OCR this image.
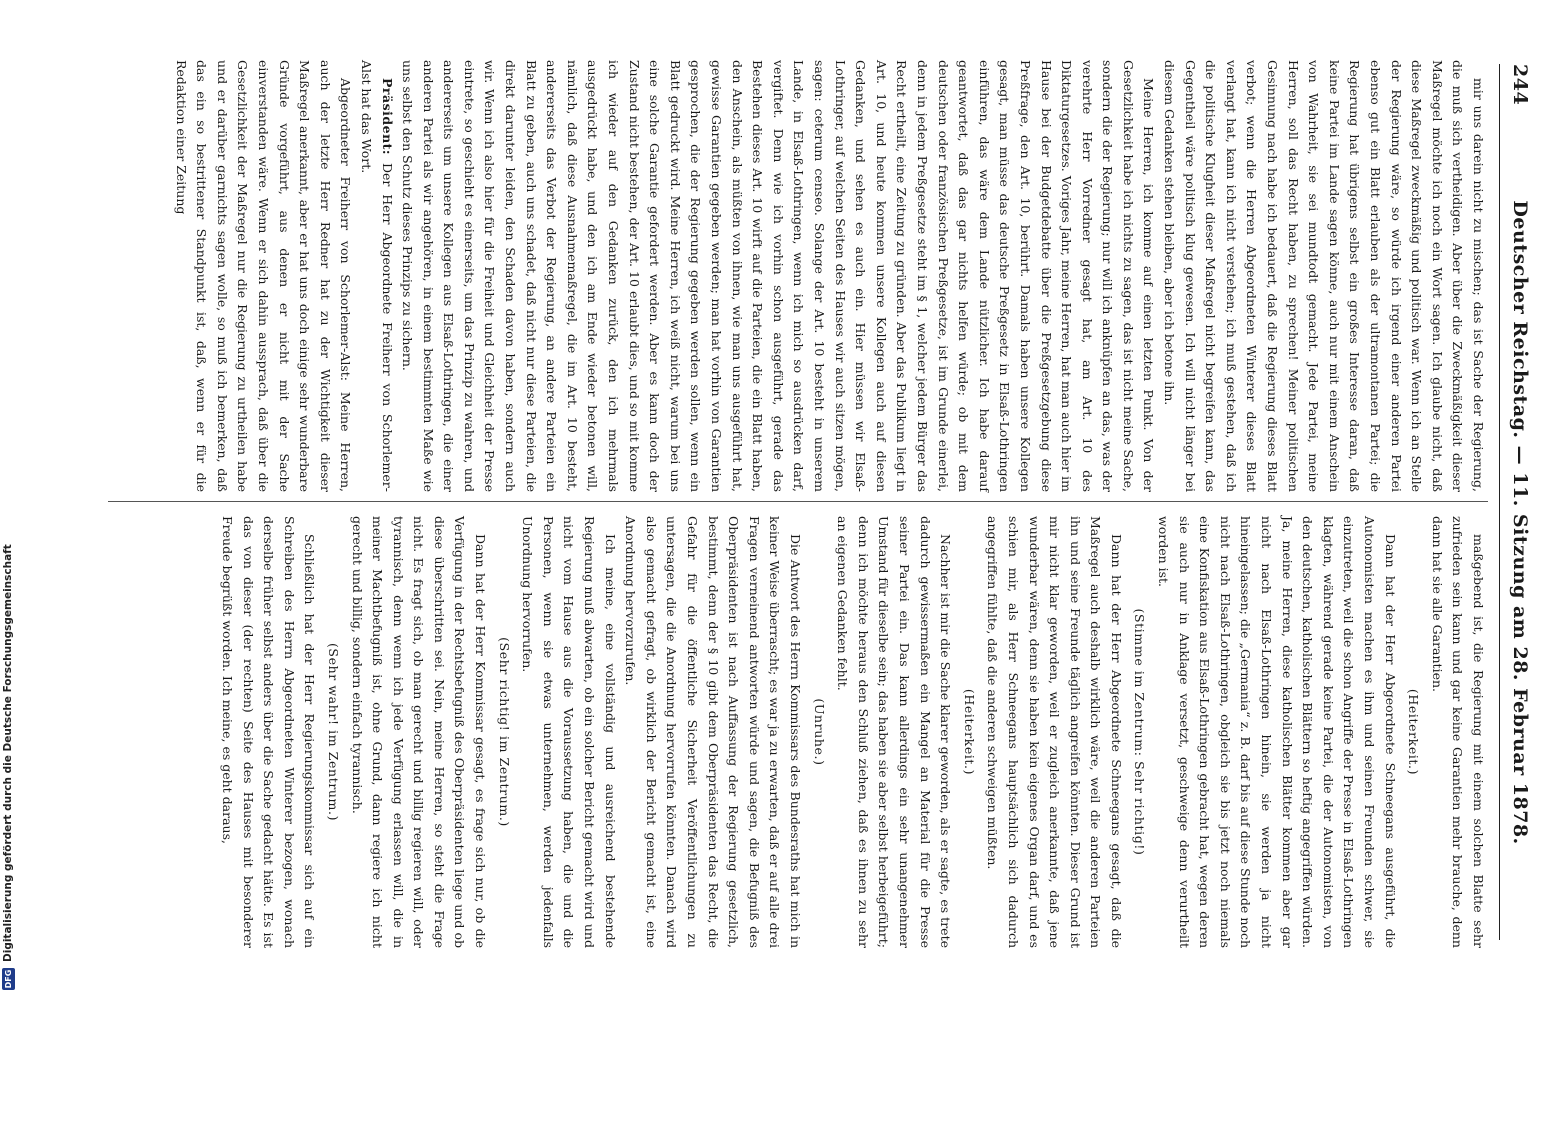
244
Deutscher Reichstag. — 11. Sitzung am 28. Februar 1878.

mir uns darein nicht zu mischen; das ist Sache der Regierung, die muß sich vertheidigen. Aber über die Zweckmäßigkeit dieser Maßregel möchte ich noch ein Wort sagen. Ich glaube nicht, daß diese Maßregel zweckmäßig und politisch war. Wenn ich an Stelle der Regierung wäre, so würde ich irgend einer anderen Partei ebenso gut ein Blatt erlauben als der ultramontanen Partei; die Regierung hat übrigens selbst ein großes Interesse daran, daß keine Partei im Lande sagen könne, auch nur mit einem Anschein von Wahrheit, sie sei mundtodt gemacht. Jede Partei, meine Herren, soll das Recht haben, zu sprechen! Meiner politischen Gesinnung nach habe ich bedauert, daß die Regierung dieses Blatt verbot; wenn die Herren Abgeordneten Winterer dieses Blatt verlangt hat, kann ich nicht verstehen; ich muß gestehen, daß ich die politische Klugheit dieser Maßregel nicht begreifen kann, das Gegentheil wäre politisch klug gewesen. Ich will nicht länger bei diesem Gedanken stehen bleiben, aber ich betone ihn.

Meine Herren, ich komme auf einen letzten Punkt. Von der Gesetzlichkeit habe ich nichts zu sagen, das ist nicht meine Sache, sondern die der Regierung; nur will ich anknüpfen an das, was der verehrte Herr Vorredner gesagt hat, am Art. 10 des Diktaturgesetzes. Voriges Jahr, meine Herren, hat man auch hier im Hause bei der Budgetdebatte über die Preßgesetzgebung diese Preßfrage, den Art. 10, berührt. Damals haben unsere Kollegen gesagt, man müsse das deutsche Preßgesetz in Elsaß-Lothringen einführen, das wäre dem Lande nützlicher. Ich habe darauf geantwortet, daß das gar nichts helfen würde; ob mit dem deutschen oder französischen Preßgesetze, ist im Grunde einerlei, denn in jedem Preßgesetze steht im § 1, welcher jedem Bürger das Recht ertheilt, eine Zeitung zu gründen. Aber das Publikum liegt in Art. 10, und heute kommen unsere Kollegen auch auf diesen Gedanken, und sehen es auch ein. Hier müssen wir Elsaß-Lothringer, auf welchen Seiten des Hauses wir auch sitzen mögen, sagen: ceterum censeo. Solange der Art. 10 besteht in unserem Lande, in Elsaß-Lothringen, wenn ich mich so ausdrücken darf, vergiftet. Denn wie ich vorhin schon ausgeführt, gerade das Bestehen dieses Art. 10 wirft auf die Parteien, die ein Blatt haben, den Anschein, als müßten von ihnen, wie man uns ausgeführt hat, gewisse Garantien gegeben werden; man hat vorhin von Garantien gesprochen, die der Regierung gegeben werden sollen, wenn ein Blatt gedruckt wird. Meine Herren, ich weiß nicht, warum bei uns eine solche Garantie gefordert werden. Aber es kann doch der Zustand nicht bestehen, der Art. 10 erlaubt dies, und so mit komme ich wieder auf den Gedanken zurück, den ich mehrmals ausgedrückt habe, und den ich am Ende wieder betonen will, nämlich, daß diese Ausnahmemaßregel, die im Art. 10 besteht, andererseits das Verbot der Regierung, an andere Parteien ein Blatt zu geben, auch uns schadet, daß nicht nur diese Parteien, die direkt darunter leiden, den Schaden davon haben, sondern auch wir. Wenn ich also hier für die Freiheit und Gleichheit der Presse eintrete, so geschieht es einerseits, um das Prinzip zu wahren, und andererseits um unsere Kollegen aus Elsaß-Lothringen, die einer anderen Partei als wir angehören, in einem bestimmten Maße wie uns selbst den Schutz dieses Prinzips zu sichern.

Präsident: Der Herr Abgeordnete Freiherr von Schorlemer-Alst hat das Wort.

Abgeordneter Freiherr von Schorlemer-Alst: Meine Herren, auch der letzte Herr Redner hat zu der Wichtigkeit dieser Maßregel anerkannt, aber er hat uns doch einige sehr wunderbare Gründe vorgeführt, aus denen er nicht mit der Sache einverstanden wäre. Wenn er sich dahin aussprach, daß über die Gesetzlichkeit der Maßregel nur die Regierung zu urtheilen habe und er darüber garnichts sagen wolle, so muß ich bemerken, daß das ein so bestrittener Standpunkt ist, daß, wenn er für die Redaktion einer Zeitung

maßgebend ist, die Regierung mit einem solchen Blatte sehr zufrieden sein kann und gar keine Garantien mehr brauche, denn dann hat sie alle Garantien.

(Heiterkeit.)

Dann hat der Herr Abgeordnete Schneegans ausgeführt, die Autonomisten machen es ihm und seinen Freunden schwer, sie einzutreten, weil die schon Angriffe der Presse in Elsaß-Lothringen klagten, während gerade keine Partei, die der Autonomisten, von den deutschen, katholischen Blättern so heftig angegriffen würden. Ja, meine Herren, diese katholischen Blätter kommen aber gar nicht nach Elsaß-Lothringen hinein, sie werden ja nicht hineingelassen; die „Germania“ z. B. darf bis auf diese Stunde noch nicht nach Elsaß-Lothringen, obgleich sie bis jetzt noch niemals eine Konfiskation aus Elsaß-Lothringen gebracht hat, wegen deren sie auch nur in Anklage versetzt, geschweige denn verurtheilt worden ist.

(Stimme im Zentrum: Sehr richtig!)

Dann hat der Herr Abgeordnete Schneegans gesagt, daß die Maßregel auch deshalb wirklich wäre, weil die anderen Parteien ihn und seine Freunde täglich angreifen könnten. Dieser Grund ist mir nicht klar geworden, weil er zugleich anerkannte, daß jene wunderbar wären, denn sie haben kein eigenes Organ darf, und es schien mir, als Herr Schneegans hauptsächlich sich dadurch angegriffen fühlte, daß die anderen schweigen müßten.

(Heiterkeit.)

Nachher ist mir die Sache klarer geworden, als er sagte, es trete dadurch gewissermaßen ein Mangel an Material für die Presse seiner Partei ein. Das kann allerdings ein sehr unangenehmer Umstand für dieselbe sein; das haben sie aber selbst herbeigeführt; denn ich möchte heraus den Schluß ziehen, daß es ihnen zu sehr an eigenen Gedanken fehlt.

(Unruhe.)

Die Antwort des Herrn Kommissars des Bundesraths hat mich in keiner Weise überrascht; es war ja zu erwarten, daß er auf alle drei Fragen verneinend antworten würde und sagen, die Befugniß des Oberpräsidenten ist nach Auffassung der Regierung gesetzlich, bestimmt, denn der § 10 gibt dem Oberpräsidenten das Recht, die Gefahr für die öffentliche Sicherheit Veröffentlichungen zu untersagen, die die Anordnung hervorrufen könnten. Danach wird also gemacht gefragt, ob wirklich der Bericht gemacht ist, eine Anordnung hervorzurufen.

Ich meine, eine vollständig und ausreichend bestehende Regierung muß abwarten, ob ein solcher Bericht gemacht wird und nicht vom Hause aus die Voraussetzung haben, die und die Personen, wenn sie etwas unternehmen, werden jedenfalls Unordnung hervorrufen.

(Sehr richtig! im Zentrum.)

Dann hat der Herr Kommissar gesagt, es frage sich nur, ob die Verfügung in der Rechtsbefugniß des Oberpräsidenten liege und ob diese überschritten sei. Nein, meine Herren, so steht die Frage nicht. Es fragt sich, ob man gerecht und billig regieren will, oder tyrannisch, denn wenn ich jede Verfügung erlassen will, die in meiner Machtbefugniß ist, ohne Grund, dann regiere ich nicht gerecht und billig, sondern einfach tyrannisch.

(Sehr wahr! im Zentrum.)

Schließlich hat der Herr Regierungskommissar sich auf ein Schreiben des Herrn Abgeordneten Winterer bezogen, wonach derselbe früher selbst anders über die Sache gedacht hätte. Es ist das von dieser (der rechten) Seite des Hauses mit besonderer Freude begrüßt worden. Ich meine, es geht daraus,

DFG
Digitalisierung gefördert durch die Deutsche Forschungsgemeinschaft
